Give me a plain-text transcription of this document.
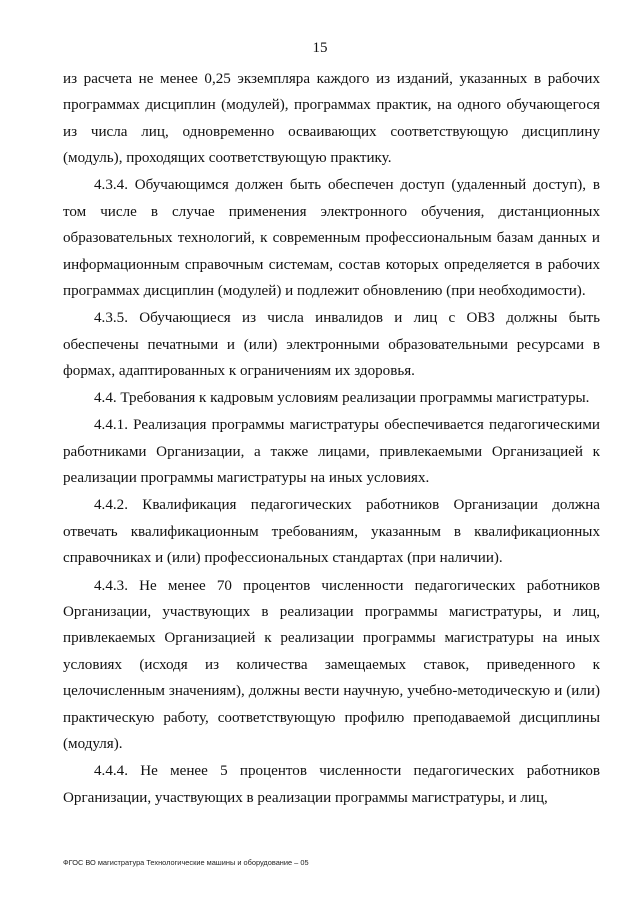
15

из расчета не менее 0,25 экземпляра каждого из изданий, указанных в рабочих программах дисциплин (модулей), программах практик, на одного обучающегося из числа лиц, одновременно осваивающих соответствующую дисциплину (модуль), проходящих соответствующую практику.

4.3.4. Обучающимся должен быть обеспечен доступ (удаленный доступ), в том числе в случае применения электронного обучения, дистанционных образовательных технологий, к современным профессиональным базам данных и информационным справочным системам, состав которых определяется в рабочих программах дисциплин (модулей) и подлежит обновлению (при необходимости).

4.3.5. Обучающиеся из числа инвалидов и лиц с ОВЗ должны быть обеспечены печатными и (или) электронными образовательными ресурсами в формах, адаптированных к ограничениям их здоровья.

4.4. Требования к кадровым условиям реализации программы магистратуры.

4.4.1. Реализация программы магистратуры обеспечивается педагогическими работниками Организации, а также лицами, привлекаемыми Организацией к реализации программы магистратуры на иных условиях.

4.4.2. Квалификация педагогических работников Организации должна отвечать квалификационным требованиям, указанным в квалификационных справочниках и (или) профессиональных стандартах (при наличии).

4.4.3. Не менее 70 процентов численности педагогических работников Организации, участвующих в реализации программы магистратуры, и лиц, привлекаемых Организацией к реализации программы магистратуры на иных условиях (исходя из количества замещаемых ставок, приведенного к целочисленным значениям), должны вести научную, учебно-методическую и (или) практическую работу, соответствующую профилю преподаваемой дисциплины (модуля).

4.4.4. Не менее 5 процентов численности педагогических работников Организации, участвующих в реализации программы магистратуры, и лиц,

ФГОС ВО магистратура Технологические машины и оборудование – 05
